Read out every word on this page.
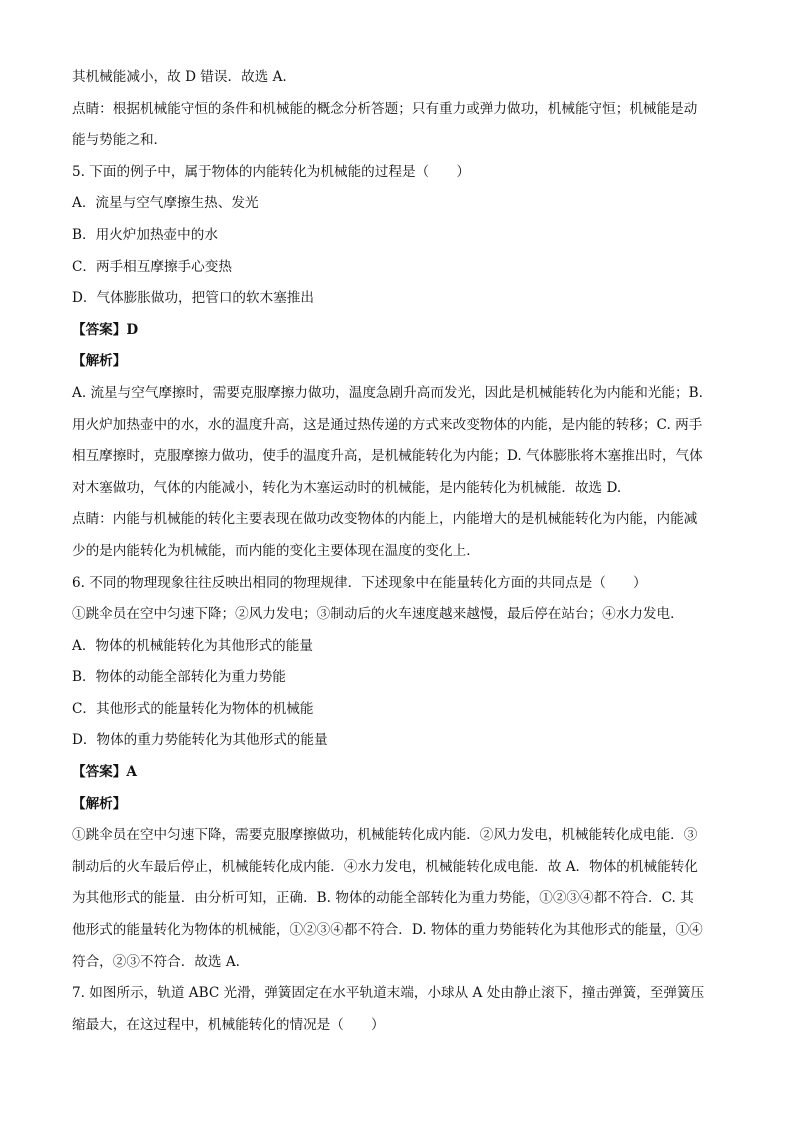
其机械能减小，故 D 错误．故选 A.
点睛：根据机械能守恒的条件和机械能的概念分析答题；只有重力或弹力做功，机械能守恒；机械能是动
能与势能之和．
5. 下面的例子中，属于物体的内能转化为机械能的过程是（　　）
A．流星与空气摩擦生热、发光
B．用火炉加热壶中的水
C．两手相互摩擦手心变热
D．气体膨胀做功，把管口的软木塞推出
【答案】D
【解析】
A. 流星与空气摩擦时，需要克服摩擦力做功，温度急剧升高而发光，因此是机械能转化为内能和光能；B.
用火炉加热壶中的水，水的温度升高，这是通过热传递的方式来改变物体的内能，是内能的转移；C. 两手
相互摩擦时，克服摩擦力做功，使手的温度升高，是机械能转化为内能；D. 气体膨胀将木塞推出时，气体
对木塞做功，气体的内能减小，转化为木塞运动时的机械能，是内能转化为机械能．故选 D.
点睛：内能与机械能的转化主要表现在做功改变物体的内能上，内能增大的是机械能转化为内能，内能减
少的是内能转化为机械能，而内能的变化主要体现在温度的变化上．
6. 不同的物理现象往往反映出相同的物理规律．下述现象中在能量转化方面的共同点是（　　）
①跳伞员在空中匀速下降；②风力发电；③制动后的火车速度越来越慢，最后停在站台；④水力发电．
A．物体的机械能转化为其他形式的能量
B．物体的动能全部转化为重力势能
C．其他形式的能量转化为物体的机械能
D．物体的重力势能转化为其他形式的能量
【答案】A
【解析】
①跳伞员在空中匀速下降，需要克服摩擦做功，机械能转化成内能．②风力发电，机械能转化成电能．③
制动后的火车最后停止，机械能转化成内能．④水力发电，机械能转化成电能．故 A．物体的机械能转化
为其他形式的能量．由分析可知，正确．B. 物体的动能全部转化为重力势能，①②③④都不符合．C. 其
他形式的能量转化为物体的机械能，①②③④都不符合．D. 物体的重力势能转化为其他形式的能量，①④
符合，②③不符合．故选 A.
7. 如图所示，轨道 ABC 光滑，弹簧固定在水平轨道末端，小球从 A 处由静止滚下，撞击弹簧，至弹簧压
缩最大，在这过程中，机械能转化的情况是（　　）
